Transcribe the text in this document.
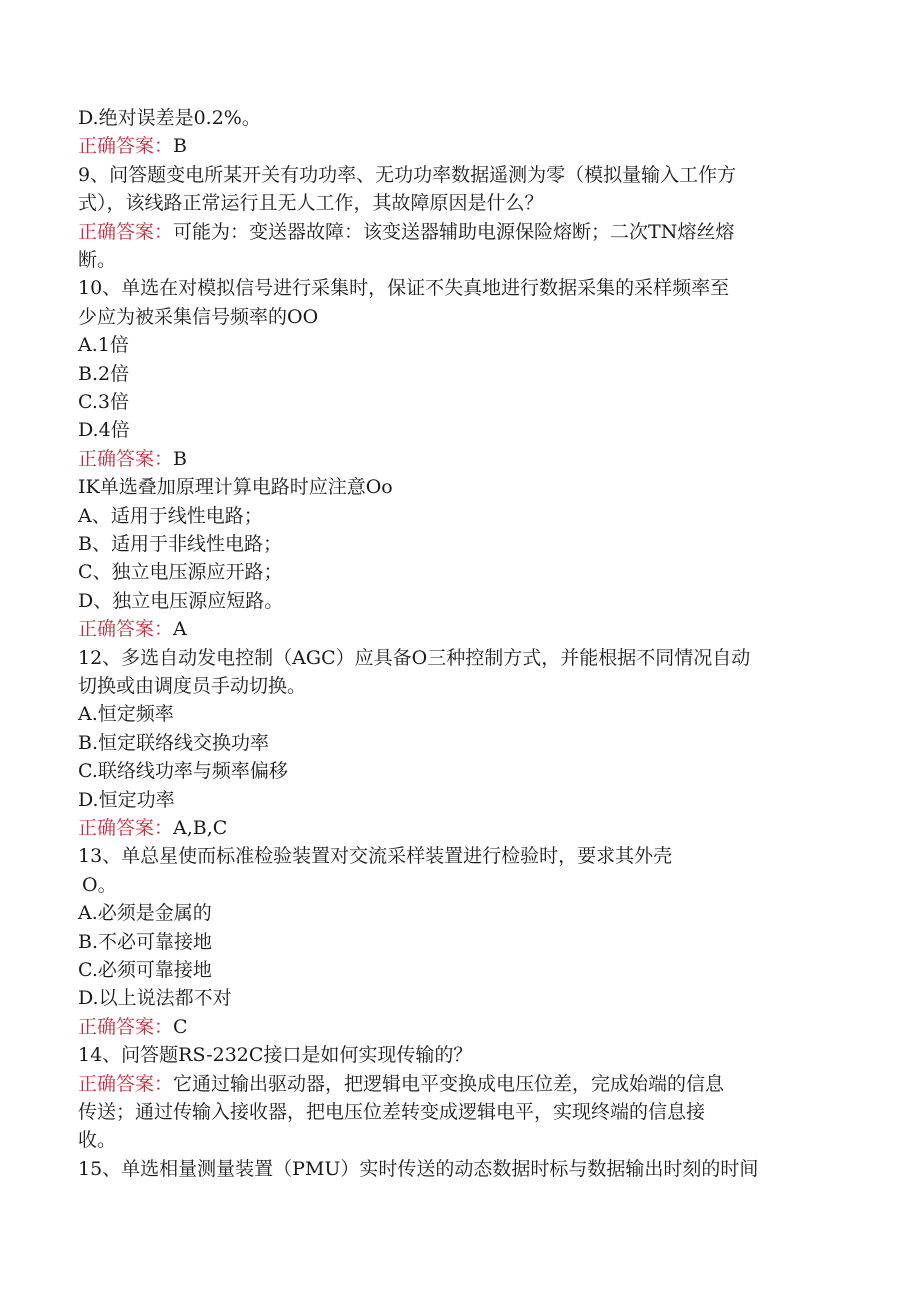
D.绝对误差是0.2%。
正确答案：B
9、问答题变电所某开关有功功率、无功功率数据遥测为零（模拟量输入工作方
式），该线路正常运行且无人工作，其故障原因是什么？
正确答案：可能为：变送器故障：该变送器辅助电源保险熔断；二次TN熔丝熔
断。
10、单选在对模拟信号进行采集时，保证不失真地进行数据采集的采样频率至
少应为被采集信号频率的OO
A.1倍
B.2倍
C.3倍
D.4倍
正确答案：B
IK单选叠加原理计算电路时应注意Oo
A、适用于线性电路；
B、适用于非线性电路；
C、独立电压源应开路；
D、独立电压源应短路。
正确答案：A
12、多选自动发电控制（AGC）应具备O三种控制方式，并能根据不同情况自动
切换或由调度员手动切换。
A.恒定频率
B.恒定联络线交换功率
C.联络线功率与频率偏移
D.恒定功率
正确答案：A,B,C
13、单总星使而标准检验装置对交流采样装置进行检验时，要求其外壳
O。
A.必须是金属的
B.不必可靠接地
C.必须可靠接地
D.以上说法都不对
正确答案：C
14、问答题RS-232C接口是如何实现传输的？
正确答案：它通过输出驱动器，把逻辑电平变换成电压位差，完成始端的信息
传送；通过传输入接收器，把电压位差转变成逻辑电平，实现终端的信息接
收。
15、单选相量测量装置（PMU）实时传送的动态数据时标与数据输出时刻的时间
